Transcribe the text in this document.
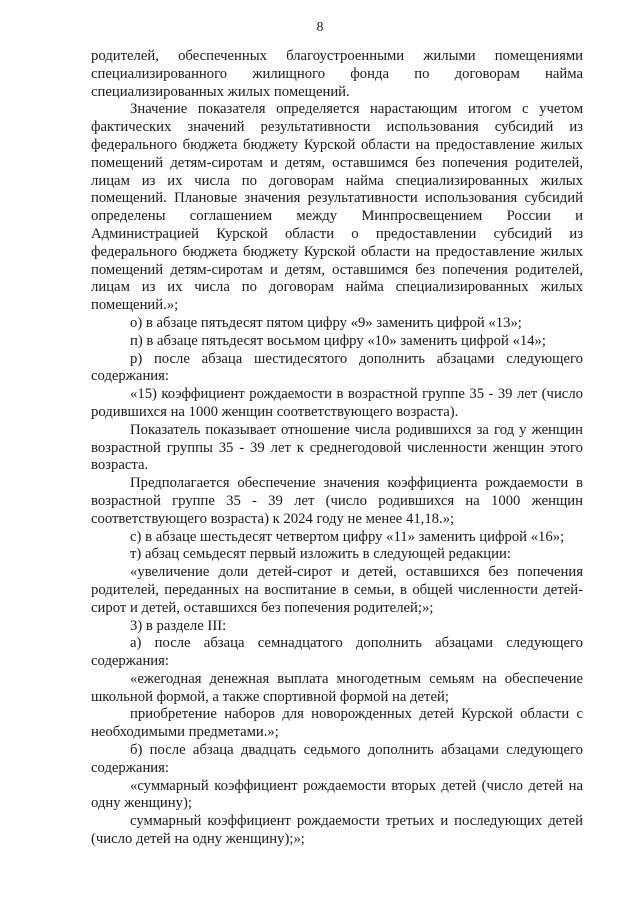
8

родителей, обеспеченных благоустроенными жилыми помещениями специализированного жилищного фонда по договорам найма специализированных жилых помещений.

Значение показателя определяется нарастающим итогом с учетом фактических значений результативности использования субсидий из федерального бюджета бюджету Курской области на предоставление жилых помещений детям-сиротам и детям, оставшимся без попечения родителей, лицам из их числа по договорам найма специализированных жилых помещений. Плановые значения результативности использования субсидий определены соглашением между Минпросвещением России и Администрацией Курской области о предоставлении субсидий из федерального бюджета бюджету Курской области на предоставление жилых помещений детям-сиротам и детям, оставшимся без попечения родителей, лицам из их числа по договорам найма специализированных жилых помещений.»;

о) в абзаце пятьдесят пятом цифру «9» заменить цифрой «13»;

п) в абзаце пятьдесят восьмом цифру «10» заменить цифрой «14»;

р) после абзаца шестидесятого дополнить абзацами следующего содержания:

«15) коэффициент рождаемости в возрастной группе 35 - 39 лет (число родившихся на 1000 женщин соответствующего возраста).

Показатель показывает отношение числа родившихся за год у женщин возрастной группы 35 - 39 лет к среднегодовой численности женщин этого возраста.

Предполагается обеспечение значения коэффициента рождаемости в возрастной группе 35 - 39 лет (число родившихся на 1000 женщин соответствующего возраста) к 2024 году не менее 41,18.»;

с) в абзаце шестьдесят четвертом цифру «11» заменить цифрой «16»;

т) абзац семьдесят первый изложить в следующей редакции:

«увеличение доли детей-сирот и детей, оставшихся без попечения родителей, переданных на воспитание в семьи, в общей численности детей-сирот и детей, оставшихся без попечения родителей;»;

3) в разделе III:

а) после абзаца семнадцатого дополнить абзацами следующего содержания:

«ежегодная денежная выплата многодетным семьям на обеспечение школьной формой, а также спортивной формой на детей;

приобретение наборов для новорожденных детей Курской области с необходимыми предметами.»;

б) после абзаца двадцать седьмого дополнить абзацами следующего содержания:

«суммарный коэффициент рождаемости вторых детей (число детей на одну женщину);

суммарный коэффициент рождаемости третьих и последующих детей (число детей на одну женщину);»;
